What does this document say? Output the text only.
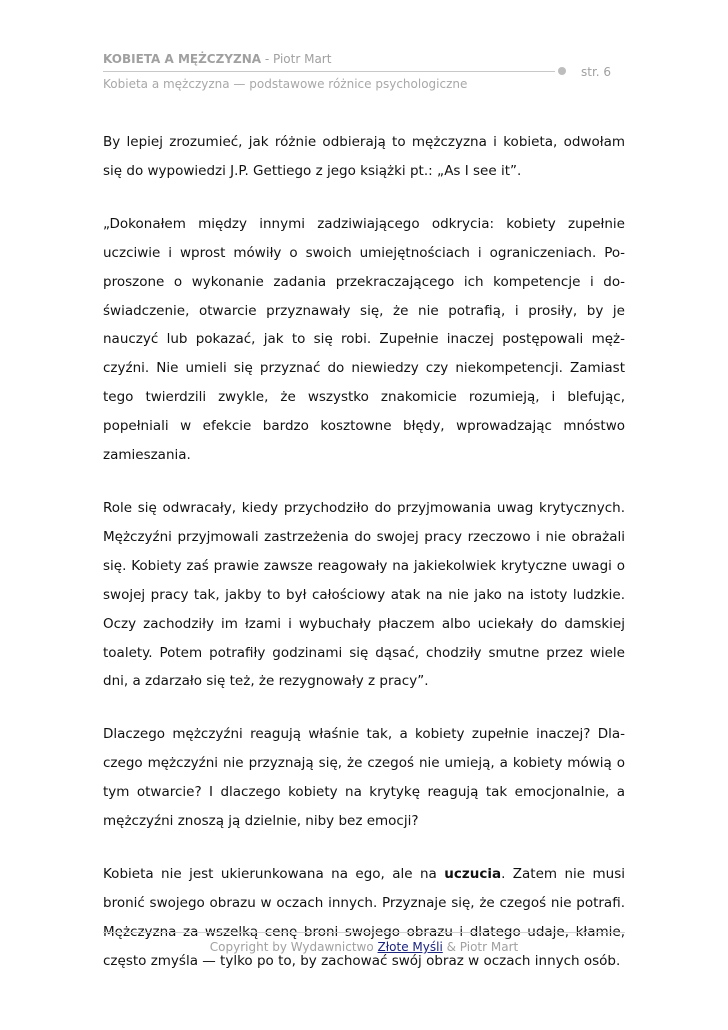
KOBIETA A MĘŻCZYZNA - Piotr Mart
str. 6
Kobieta a mężczyzna — podstawowe różnice psychologiczne

By lepiej zrozumieć, jak różnie odbierają to mężczyzna i kobieta, odwołam się do wypowiedzi J.P. Gettiego z jego książki pt.: „As I see it”.

„Dokonałem między innymi zadziwiającego odkrycia: kobiety zupełnie uczciwie i wprost mówiły o swoich umiejętnościach i ograniczeniach. Poproszone o wykonanie zadania przekraczającego ich kompetencje i doświadczenie, otwarcie przyznawały się, że nie potrafią, i prosiły, by je nauczyć lub pokazać, jak to się robi. Zupełnie inaczej postępowali mężczyźni. Nie umieli się przyznać do niewiedzy czy niekompetencji. Zamiast tego twierdzili zwykle, że wszystko znakomicie rozumieją, i blefując, popełniali w efekcie bardzo kosztowne błędy, wprowadzając mnóstwo zamieszania.

Role się odwracały, kiedy przychodziło do przyjmowania uwag krytycznych. Mężczyźni przyjmowali zastrzeżenia do swojej pracy rzeczowo i nie obrażali się. Kobiety zaś prawie zawsze reagowały na jakiekolwiek krytyczne uwagi o swojej pracy tak, jakby to był całościowy atak na nie jako na istoty ludzkie. Oczy zachodziły im łzami i wybuchały płaczem albo uciekały do damskiej toalety. Potem potrafiły godzinami się dąsać, chodziły smutne przez wiele dni, a zdarzało się też, że rezygnowały z pracy”.

Dlaczego mężczyźni reagują właśnie tak, a kobiety zupełnie inaczej? Dlaczego mężczyźni nie przyznają się, że czegoś nie umieją, a kobiety mówią o tym otwarcie? I dlaczego kobiety na krytykę reagują tak emocjonalnie, a mężczyźni znoszą ją dzielnie, niby bez emocji?

Kobieta nie jest ukierunkowana na ego, ale na uczucia. Zatem nie musi bronić swojego obrazu w oczach innych. Przyznaje się, że czegoś nie potrafi. Mężczyzna za wszelką cenę broni swojego obrazu i dlatego udaje, kłamie, często zmyśla — tylko po to, by zachować swój obraz w oczach innych osób.

Copyright by Wydawnictwo Złote Myśli & Piotr Mart
